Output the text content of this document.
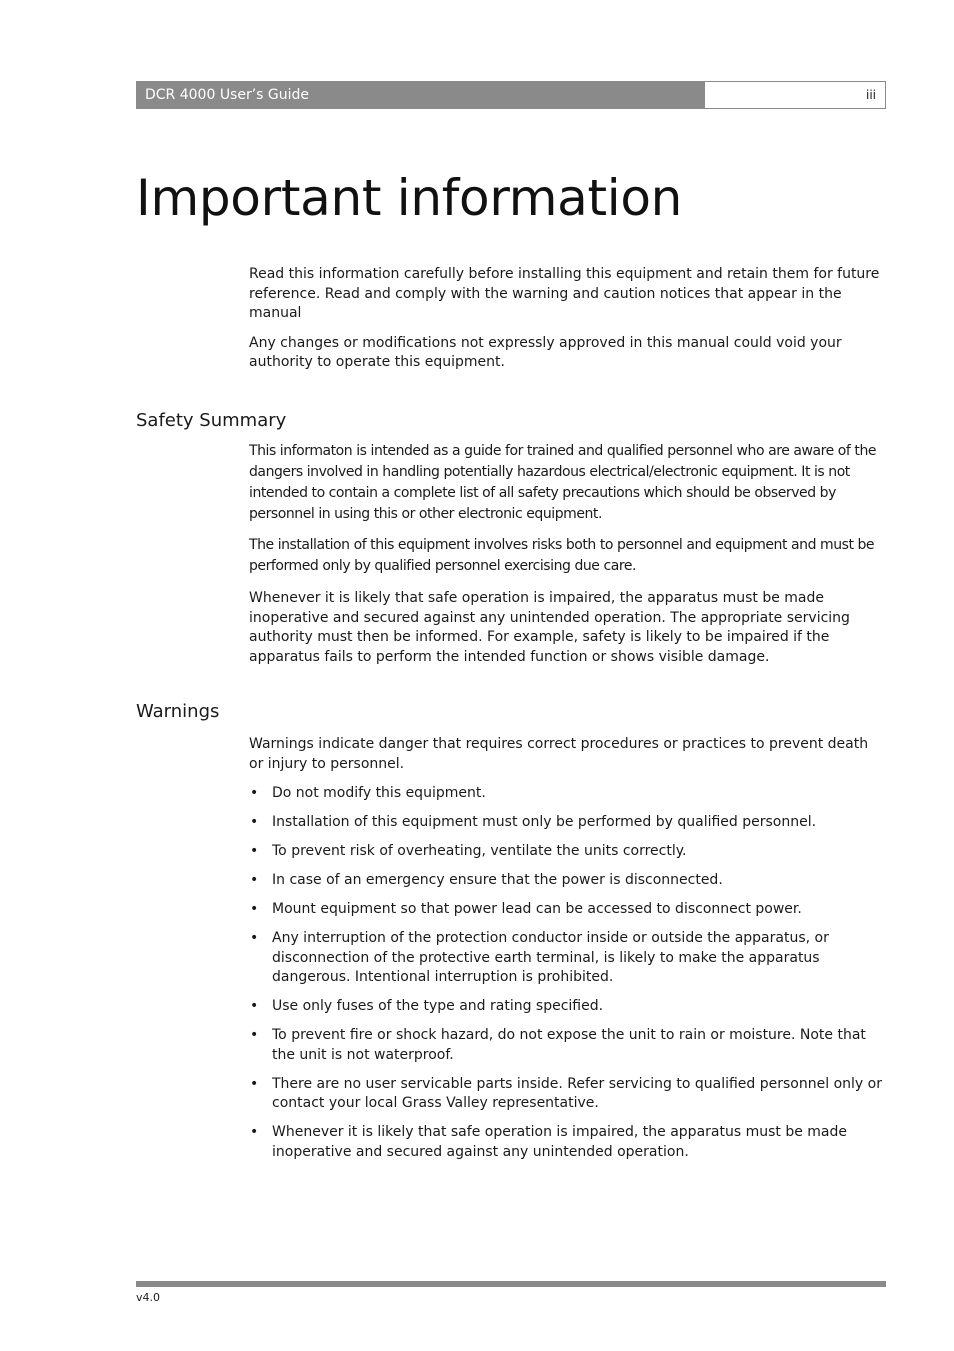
DCR 4000 User’s Guide	iii
Important information

Read this information carefully before installing this equipment and retain them for future reference. Read and comply with the warning and caution notices that appear in the manual

Any changes or modifications not expressly approved in this manual could void your authority to operate this equipment.

Safety Summary

This informaton is intended as a guide for trained and qualified personnel who are aware of the dangers involved in handling potentially hazardous electrical/electronic equipment. It is not intended to contain a complete list of all safety precautions which should be observed by personnel in using this or other electronic equipment.

The installation of this equipment involves risks both to personnel and equipment and must be performed only by qualified personnel exercising due care.

Whenever it is likely that safe operation is impaired, the apparatus must be made inoperative and secured against any unintended operation. The appropriate servicing authority must then be informed. For example, safety is likely to be impaired if the apparatus fails to perform the intended function or shows visible damage.

Warnings

Warnings indicate danger that requires correct procedures or practices to prevent death or injury to personnel.

• Do not modify this equipment.
• Installation of this equipment must only be performed by qualified personnel.
• To prevent risk of overheating, ventilate the units correctly.
• In case of an emergency ensure that the power is disconnected.
• Mount equipment so that power lead can be accessed to disconnect power.
• Any interruption of the protection conductor inside or outside the apparatus, or disconnection of the protective earth terminal, is likely to make the apparatus dangerous. Intentional interruption is prohibited.
• Use only fuses of the type and rating specified.
• To prevent fire or shock hazard, do not expose the unit to rain or moisture. Note that the unit is not waterproof.
• There are no user servicable parts inside. Refer servicing to qualified personnel only or contact your local Grass Valley representative.
• Whenever it is likely that safe operation is impaired, the apparatus must be made inoperative and secured against any unintended operation.
v4.0
